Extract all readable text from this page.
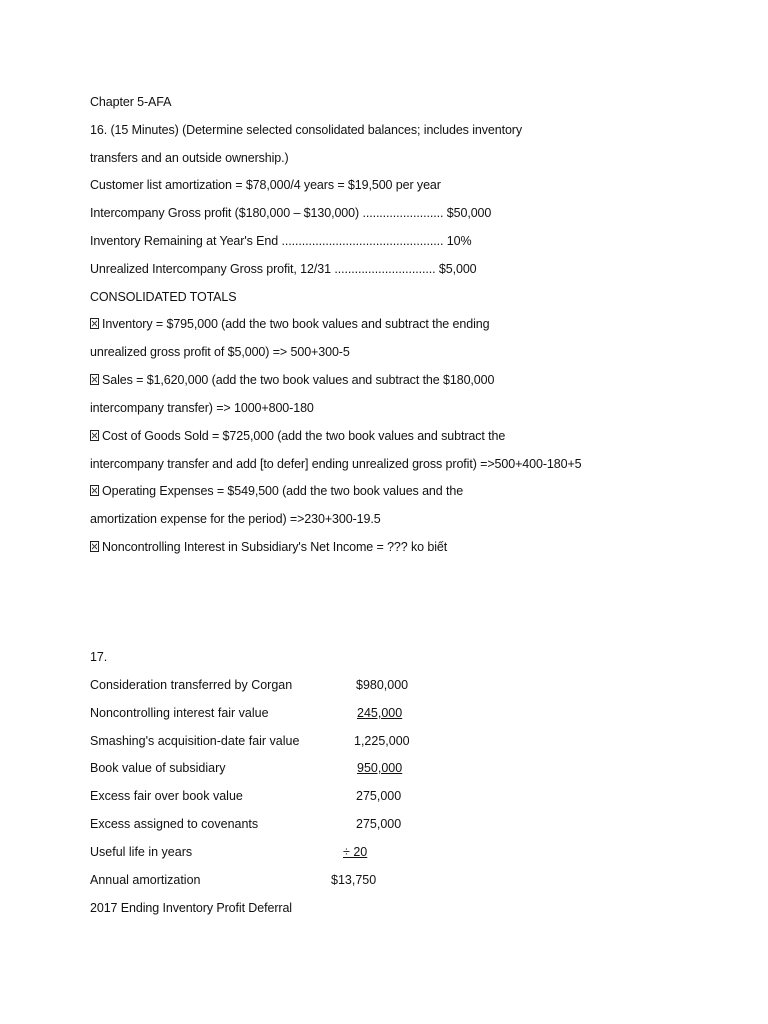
Chapter 5-AFA
16. (15 Minutes) (Determine selected consolidated balances; includes inventory
transfers and an outside ownership.)
Customer list amortization = $78,000/4 years = $19,500 per year
Intercompany Gross profit ($180,000 – $130,000) ........................ $50,000
Inventory Remaining at Year's End ................................................ 10%
Unrealized Intercompany Gross profit, 12/31 .............................. $5,000
CONSOLIDATED TOTALS
Inventory = $795,000 (add the two book values and subtract the ending
unrealized gross profit of $5,000) => 500+300-5
Sales = $1,620,000 (add the two book values and subtract the $180,000
intercompany transfer) => 1000+800-180
Cost of Goods Sold = $725,000 (add the two book values and subtract the
intercompany transfer and add [to defer] ending unrealized gross profit) =>500+400-180+5
Operating Expenses = $549,500 (add the two book values and the
amortization expense for the period) =>230+300-19.5
Noncontrolling Interest in Subsidiary's Net Income = ??? ko biết
17.
Consideration transferred by Corgan	$980,000
Noncontrolling interest fair value	245,000
Smashing's acquisition-date fair value	1,225,000
Book value of subsidiary	950,000
Excess fair over book value	275,000
Excess assigned to covenants	275,000
Useful life in years	÷ 20
Annual amortization	$13,750
2017 Ending Inventory Profit Deferral
